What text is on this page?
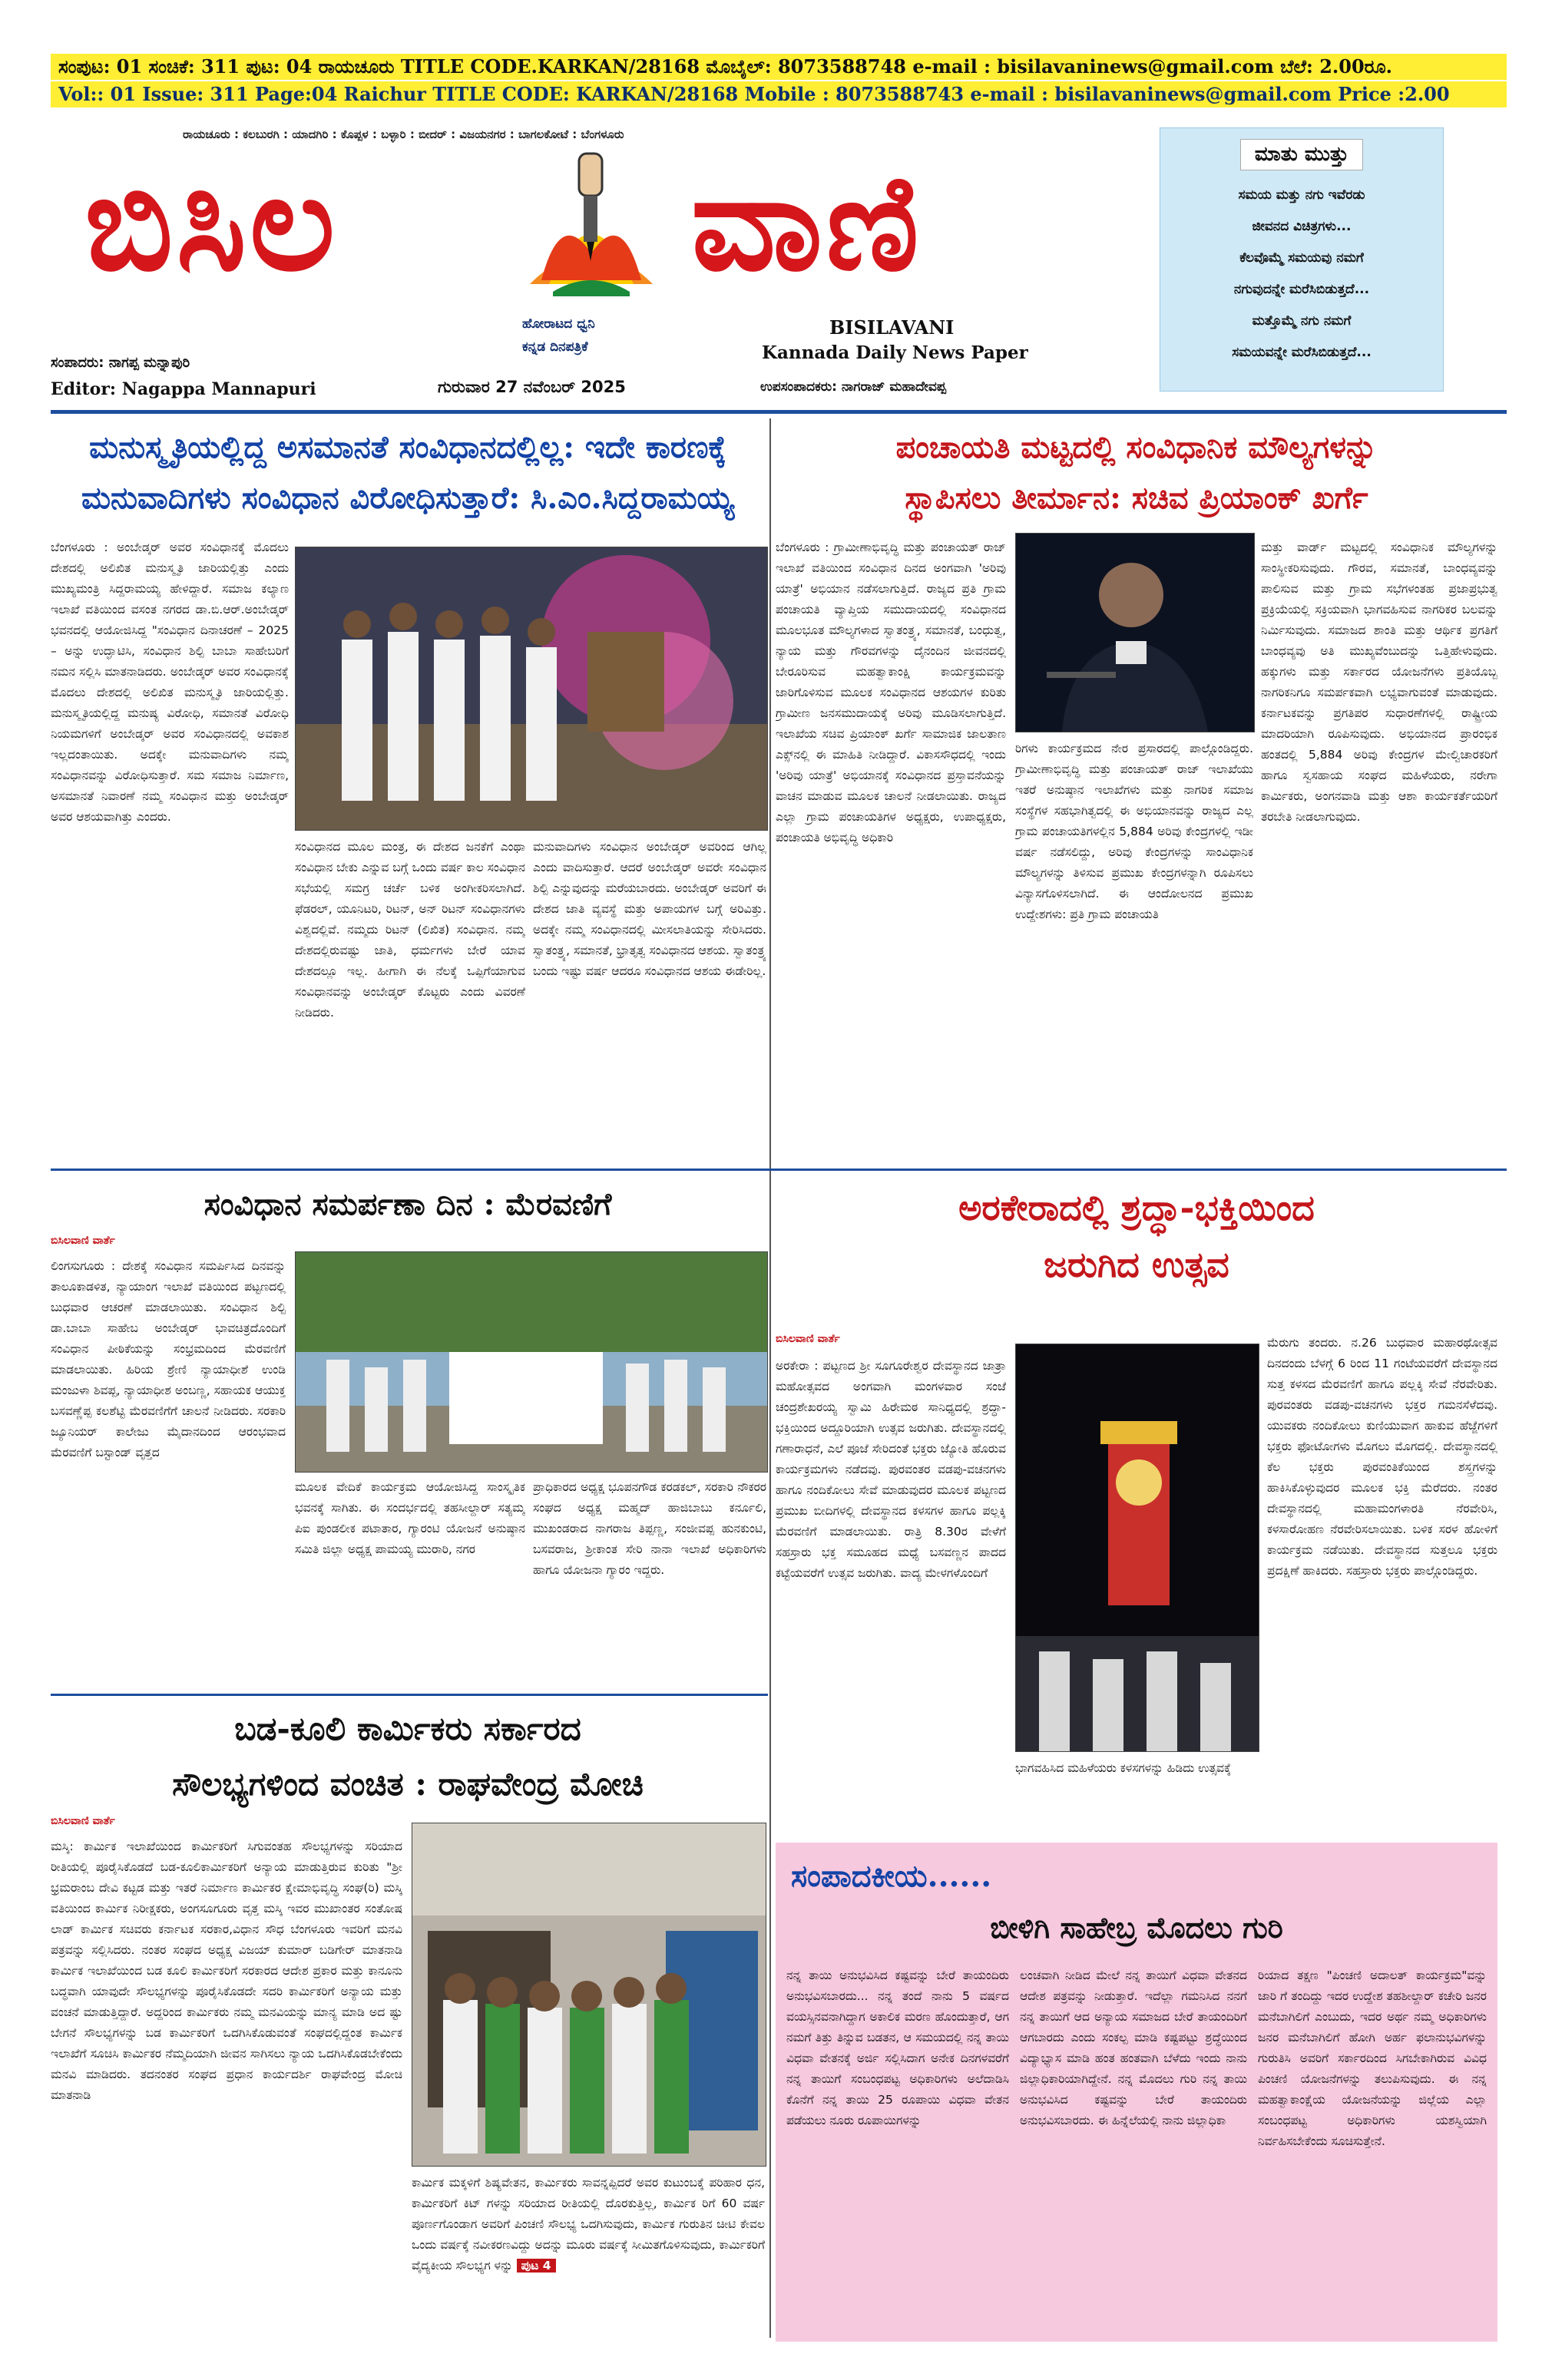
ಸಂಪುಟ: 01 ಸಂಚಿಕೆ: 311 ಪುಟ: 04 ರಾಯಚೂರು TITLE CODE.KARKAN/28168 ಮೊಬೈಲ್: 8073588748 e-mail : bisilavaninews@gmail.com ಬೆಲೆ: 2.00ರೂ.
Vol:: 01 Issue: 311 Page:04 Raichur TITLE CODE: KARKAN/28168 Mobile : 8073588743 e-mail : bisilavaninews@gmail.com Price :2.00
ರಾಯಚೂರು : ಕಲಬುರಗಿ : ಯಾದಗಿರಿ : ಕೊಪ್ಪಳ : ಬಳ್ಳಾರಿ : ಬೀದರ್ : ವಿಜಯನಗರ : ಬಾಗಲಕೋಟೆ : ಬೆಂಗಳೂರು
ಬಿಸಿಲ	ವಾಣಿ
ಹೋರಾಟದ ಧ್ವನಿ
ಕನ್ನಡ ದಿನಪತ್ರಿಕೆ
BISILAVANI
Kannada Daily News Paper
ಸಂಪಾದರು: ನಾಗಪ್ಪ ಮನ್ನಾಪುರಿ
Editor: Nagappa Mannapuri	ಗುರುವಾರ 27 ನವೆಂಬರ್ 2025	ಉಪಸಂಪಾದಕರು: ನಾಗರಾಜ್ ಮಹಾದೇವಪ್ಪ
ಮಾತು ಮುತ್ತು
ಸಮಯ ಮತ್ತು ನಗು ಇವೆರಡು
ಜೀವನದ ವಿಚಿತ್ರಗಳು...
ಕೆಲವೊಮ್ಮೆ ಸಮಯವು ನಮಗೆ
ನಗುವುದನ್ನೇ ಮರೆಸಿಬಿಡುತ್ತದೆ...
ಮತ್ತೊಮ್ಮೆ ನಗು ನಮಗೆ
ಸಮಯವನ್ನೇ ಮರೆಸಿಬಿಡುತ್ತದೆ...
ಮನುಸ್ಮೃತಿಯಲ್ಲಿದ್ದ ಅಸಮಾನತೆ ಸಂವಿಧಾನದಲ್ಲಿಲ್ಲ: ಇದೇ ಕಾರಣಕ್ಕೆ
ಮನುವಾದಿಗಳು ಸಂವಿಧಾನ ವಿರೋಧಿಸುತ್ತಾರೆ: ಸಿ.ಎಂ.ಸಿದ್ದರಾಮಯ್ಯ

ಬೆಂಗಳೂರು : ಅಂಬೇಡ್ಕರ್ ಅವರ ಸಂವಿಧಾನಕ್ಕೆ ಮೊದಲು ದೇಶದಲ್ಲಿ ಅಲಿಖಿತ ಮನುಸ್ಮೃತಿ ಜಾರಿಯಲ್ಲಿತ್ತು ಎಂದು ಮುಖ್ಯಮಂತ್ರಿ ಸಿದ್ದರಾಮಯ್ಯ ಹೇಳಿದ್ದಾರೆ. ಸಮಾಜ ಕಲ್ಯಾಣ ಇಲಾಖೆ ವತಿಯಿಂದ ವಸಂತ ನಗರದ ಡಾ.ಬಿ.ಆರ್.ಅಂಬೇಡ್ಕರ್ ಭವನದಲ್ಲಿ ಆಯೋಜಿಸಿದ್ದ "ಸಂವಿಧಾನ ದಿನಾಚರಣೆ – 2025 – ಅನ್ನು ಉದ್ಘಾಟಿಸಿ, ಸಂವಿಧಾನ ಶಿಲ್ಪಿ ಬಾಬಾ ಸಾಹೇಬರಿಗೆ ನಮನ ಸಲ್ಲಿಸಿ ಮಾತನಾಡಿದರು. ಅಂಬೇಡ್ಕರ್ ಅವರ ಸಂವಿಧಾನಕ್ಕೆ ಮೊದಲು ದೇಶದಲ್ಲಿ ಅಲಿಖಿತ ಮನುಸ್ಮೃತಿ ಜಾರಿಯಲ್ಲಿತ್ತು. ಮನುಸ್ಮೃತಿಯಲ್ಲಿದ್ದ ಮನುಷ್ಯ ವಿರೋಧಿ, ಸಮಾನತೆ ವಿರೋಧಿ ನಿಯಮಗಳಿಗೆ ಅಂಬೇಡ್ಕರ್ ಅವರ ಸಂವಿಧಾನದಲ್ಲಿ ಅವಕಾಶ ಇಲ್ಲದಂತಾಯಿತು. ಅದಕ್ಕೇ ಮನುವಾದಿಗಳು ನಮ್ಮ ಸಂವಿಧಾನವನ್ನು ವಿರೋಧಿಸುತ್ತಾರೆ. ಸಮ ಸಮಾಜ ನಿರ್ಮಾಣ, ಅಸಮಾನತೆ ನಿವಾರಣೆ ನಮ್ಮ ಸಂವಿಧಾನ ಮತ್ತು ಅಂಬೇಡ್ಕರ್ ಅವರ ಆಶಯವಾಗಿತ್ತು ಎಂದರು.

ಸಂವಿಧಾನದ ಮೂಲ ಮಂತ್ರ, ಈ ದೇಶದ ಜನಕೆಗೆ ಎಂಥಾ ಸಂವಿಧಾನ ಬೇಕು ಎನ್ನುವ ಬಗ್ಗೆ ಒಂದು ವರ್ಷ ಕಾಲ ಸಂವಿಧಾನ ಸಭೆಯಲ್ಲಿ ಸಮಗ್ರ ಚರ್ಚೆ ಬಳಿಕ ಅಂಗೀಕರಿಸಲಾಗಿದೆ. ಫೆಡರಲ್, ಯೂನಿಟರಿ, ರಿಟನ್, ಅನ್ ರಿಟನ್ ಸಂವಿಧಾನಗಳು ವಿಶ್ವದಲ್ಲಿವೆ. ನಮ್ಮದು ರಿಟನ್ (ಲಿಖಿತ) ಸಂವಿಧಾನ. ನಮ್ಮ ದೇಶದಲ್ಲಿರುವಷ್ಟು ಜಾತಿ, ಧರ್ಮಗಳು ಬೇರೆ ಯಾವ ದೇಶದಲ್ಲೂ ಇಲ್ಲ. ಹೀಗಾಗಿ ಈ ನೆಲಕ್ಕೆ ಒಪ್ಪಿಗೆಯಾಗುವ ಸಂವಿಧಾನವನ್ನು ಅಂಬೇಡ್ಕರ್ ಕೊಟ್ಟರು ಎಂದು ವಿವರಣೆ ನೀಡಿದರು.

ಮನುವಾದಿಗಳು ಸಂವಿಧಾನ ಅಂಬೇಡ್ಕರ್ ಅವರಿಂದ ಆಗಿಲ್ಲ ಎಂದು ವಾದಿಸುತ್ತಾರೆ. ಆದರೆ ಅಂಬೇಡ್ಕರ್ ಅವರೇ ಸಂವಿಧಾನ ಶಿಲ್ಪಿ ಎನ್ನುವುದನ್ನು ಮರೆಯಬಾರದು. ಅಂಬೇಡ್ಕರ್ ಅವರಿಗೆ ಈ ದೇಶದ ಜಾತಿ ವ್ಯವಸ್ಥೆ ಮತ್ತು ಅಪಾಯಗಳ ಬಗ್ಗೆ ಅರಿವಿತ್ತು. ಅದಕ್ಕೇ ನಮ್ಮ ಸಂವಿಧಾನದಲ್ಲಿ ಮೀಸಲಾತಿಯನ್ನು ಸೇರಿಸಿದರು. ಸ್ವಾತಂತ್ರ್ಯ, ಸಮಾನತೆ, ಭ್ರಾತೃತ್ವ ಸಂವಿಧಾನದ ಆಶಯ. ಸ್ವಾತಂತ್ರ್ಯ ಬಂದು ಇಷ್ಟು ವರ್ಷ ಆದರೂ ಸಂವಿಧಾನದ ಆಶಯ ಈಡೇರಿಲ್ಲ.

ಪಂಚಾಯತಿ ಮಟ್ಟದಲ್ಲಿ ಸಂವಿಧಾನಿಕ ಮೌಲ್ಯಗಳನ್ನು
ಸ್ಥಾಪಿಸಲು ತೀರ್ಮಾನ: ಸಚಿವ ಪ್ರಿಯಾಂಕ್ ಖರ್ಗೆ

ಬೆಂಗಳೂರು : ಗ್ರಾಮೀಣಾಭಿವೃದ್ಧಿ ಮತ್ತು ಪಂಚಾಯತ್ ರಾಜ್ ಇಲಾಖೆ ವತಿಯಿಂದ ಸಂವಿಧಾನ ದಿನದ ಅಂಗವಾಗಿ 'ಅರಿವು ಯಾತ್ರೆ' ಅಭಿಯಾನ ನಡೆಸಲಾಗುತ್ತಿದೆ. ರಾಜ್ಯದ ಪ್ರತಿ ಗ್ರಾಮ ಪಂಚಾಯತಿ ವ್ಯಾಪ್ತಿಯ ಸಮುದಾಯದಲ್ಲಿ ಸಂವಿಧಾನದ ಮೂಲಭೂತ ಮೌಲ್ಯಗಳಾದ ಸ್ವಾತಂತ್ರ್ಯ, ಸಮಾನತೆ, ಬಂಧುತ್ವ, ನ್ಯಾಯ ಮತ್ತು ಗೌರವಗಳನ್ನು ದೈನಂದಿನ ಜೀವನದಲ್ಲಿ ಬೇರೂರಿಸುವ ಮಹತ್ವಾಕಾಂಕ್ಷಿ ಕಾರ್ಯಕ್ರಮವನ್ನು ಜಾರಿಗೊಳಿಸುವ ಮೂಲಕ ಸಂವಿಧಾನದ ಆಶಯಗಳ ಕುರಿತು ಗ್ರಾಮೀಣ ಜನಸಮುದಾಯಕ್ಕೆ ಅರಿವು ಮೂಡಿಸಲಾಗುತ್ತಿದೆ. ಇಲಾಖೆಯ ಸಚಿವ ಪ್ರಿಯಾಂಕ್ ಖರ್ಗೆ ಸಾಮಾಜಿಕ ಜಾಲತಾಣ ಎಕ್ಸ್‌ನಲ್ಲಿ ಈ ಮಾಹಿತಿ ನೀಡಿದ್ದಾರೆ. ವಿಕಾಸಸೌಧದಲ್ಲಿ ಇಂದು 'ಅರಿವು ಯಾತ್ರೆ' ಅಭಿಯಾನಕ್ಕೆ ಸಂವಿಧಾನದ ಪ್ರಸ್ತಾವನೆಯನ್ನು ವಾಚನ ಮಾಡುವ ಮೂಲಕ ಚಾಲನೆ ನೀಡಲಾಯಿತು. ರಾಜ್ಯದ ಎಲ್ಲಾ ಗ್ರಾಮ ಪಂಚಾಯತಿಗಳ ಅಧ್ಯಕ್ಷರು, ಉಪಾಧ್ಯಕ್ಷರು, ಪಂಚಾಯತಿ ಅಭಿವೃದ್ಧಿ ಅಧಿಕಾರಿ

ರಿಗಳು ಕಾರ್ಯಕ್ರಮದ ನೇರ ಪ್ರಸಾರದಲ್ಲಿ ಪಾಲ್ಗೊಂಡಿದ್ದರು. ಗ್ರಾಮೀಣಾಭಿವೃದ್ಧಿ ಮತ್ತು ಪಂಚಾಯತ್ ರಾಜ್ ಇಲಾಖೆಯು ಇತರೆ ಅನುಷ್ಠಾನ ಇಲಾಖೆಗಳು ಮತ್ತು ನಾಗರಿಕ ಸಮಾಜ ಸಂಸ್ಥೆಗಳ ಸಹಭಾಗಿತ್ವದಲ್ಲಿ ಈ ಅಭಿಯಾನವನ್ನು ರಾಜ್ಯದ ಎಲ್ಲ ಗ್ರಾಮ ಪಂಚಾಯತಿಗಳಲ್ಲಿನ 5,884 ಅರಿವು ಕೇಂದ್ರಗಳಲ್ಲಿ ಇಡೀ ವರ್ಷ ನಡೆಸಲಿದ್ದು, ಅರಿವು ಕೇಂದ್ರಗಳನ್ನು ಸಾಂವಿಧಾನಿಕ ಮೌಲ್ಯಗಳನ್ನು ತಿಳಿಸುವ ಪ್ರಮುಖ ಕೇಂದ್ರಗಳನ್ನಾಗಿ ರೂಪಿಸಲು ವಿನ್ಯಾಸಗೊಳಿಸಲಾಗಿದೆ. ಈ ಆಂದೋಲನದ ಪ್ರಮುಖ ಉದ್ದೇಶಗಳು: ಪ್ರತಿ ಗ್ರಾಮ ಪಂಚಾಯತಿ

ಮತ್ತು ವಾರ್ಡ್ ಮಟ್ಟದಲ್ಲಿ ಸಂವಿಧಾನಿಕ ಮೌಲ್ಯಗಳನ್ನು ಸಾಂಸ್ಥೀಕರಿಸುವುದು. ಗೌರವ, ಸಮಾನತೆ, ಬಾಂಧವ್ಯವನ್ನು ಪಾಲಿಸುವ ಮತ್ತು ಗ್ರಾಮ ಸಭೆಗಳಂತಹ ಪ್ರಜಾಪ್ರಭುತ್ವ ಪ್ರಕ್ರಿಯೆಯಲ್ಲಿ ಸಕ್ರಿಯವಾಗಿ ಭಾಗವಹಿಸುವ ನಾಗರಿಕರ ಬಲವನ್ನು ನಿರ್ಮಿಸುವುದು. ಸಮಾಜದ ಶಾಂತಿ ಮತ್ತು ಆರ್ಥಿಕ ಪ್ರಗತಿಗೆ ಬಾಂಧವ್ಯವು ಅತಿ ಮುಖ್ಯವೆಂಬುದನ್ನು ಒತ್ತಿಹೇಳುವುದು. ಹಕ್ಕುಗಳು ಮತ್ತು ಸರ್ಕಾರದ ಯೋಜನೆಗಳು ಪ್ರತಿಯೊಬ್ಬ ನಾಗರಿಕನಿಗೂ ಸಮರ್ಪಕವಾಗಿ ಲಭ್ಯವಾಗುವಂತೆ ಮಾಡುವುದು. ಕರ್ನಾಟಕವನ್ನು ಪ್ರಗತಿಪರ ಸುಧಾರಣೆಗಳಲ್ಲಿ ರಾಷ್ಟ್ರೀಯ ಮಾದರಿಯಾಗಿ ರೂಪಿಸುವುದು. ಅಭಿಯಾನದ ಪ್ರಾರಂಭಿಕ ಹಂತದಲ್ಲಿ 5,884 ಅರಿವು ಕೇಂದ್ರಗಳ ಮೇಲ್ವಿಚಾರಕರಿಗೆ ಹಾಗೂ ಸ್ವಸಹಾಯ ಸಂಘದ ಮಹಿಳೆಯರು, ನರೇಗಾ ಕಾರ್ಮಿಕರು, ಅಂಗನವಾಡಿ ಮತ್ತು ಆಶಾ ಕಾರ್ಯಕರ್ತೆಯರಿಗೆ ತರಬೇತಿ ನೀಡಲಾಗುವುದು.

ಸಂವಿಧಾನ ಸಮರ್ಪಣಾ ದಿನ : ಮೆರವಣಿಗೆ
ಬಿಸಿಲವಾಣಿ ವಾರ್ತೆ

ಲಿಂಗಸುಗೂರು : ದೇಶಕ್ಕೆ ಸಂವಿಧಾನ ಸಮರ್ಪಿಸಿದ ದಿನವನ್ನು ತಾಲೂಕಾಡಳಿತ, ನ್ಯಾಯಾಂಗ ಇಲಾಖೆ ವತಿಯಿಂದ ಪಟ್ಟಣದಲ್ಲಿ ಬುಧವಾರ ಆಚರಣೆ ಮಾಡಲಾಯಿತು. ಸಂವಿಧಾನ ಶಿಲ್ಪಿ ಡಾ.ಬಾಬಾ ಸಾಹೇಬ ಅಂಬೇಡ್ಕರ್ ಭಾವಚಿತ್ರದೊಂದಿಗೆ ಸಂವಿಧಾನ ಪೀಠಿಕೆಯನ್ನು ಸಂಭ್ರಮದಿಂದ ಮೆರವಣಿಗೆ ಮಾಡಲಾಯಿತು. ಹಿರಿಯ ಶ್ರೇಣಿ ನ್ಯಾಯಾಧೀಶೆ ಉಂಡಿ ಮಂಜುಳಾ ಶಿವಪ್ಪ, ನ್ಯಾಯಾಧೀಶ ಅಂಬಣ್ಣ, ಸಹಾಯಕ ಆಯುಕ್ತ ಬಸವಣ್ಣೆಪ್ಪ ಕಲಶೆಟ್ಟಿ ಮೆರವಣಿಗೆಗೆ ಚಾಲನೆ ನೀಡಿದರು. ಸರಕಾರಿ ಜ್ಯೂನಿಯರ್ ಕಾಲೇಜು ಮೈದಾನದಿಂದ ಆರಂಭವಾದ ಮೆರವಣಿಗೆ ಬಸ್ಟಾಂಡ್ ವೃತ್ತದ

ಮೂಲಕ ವೇದಿಕೆ ಕಾರ್ಯಕ್ರಮ ಆಯೋಜಿಸಿದ್ದ ಸಾಂಸ್ಕೃತಿಕ ಭವನಕ್ಕೆ ಸಾಗಿತು. ಈ ಸಂದರ್ಭದಲ್ಲಿ ತಹಸೀಲ್ದಾರ್ ಸತ್ಯಮ್ಮ ಪಿಐ ಪುಂಡಲೀಕ ಪಟಾತಾರ, ಗ್ಯಾರಂಟಿ ಯೋಜನೆ ಅನುಷ್ಠಾನ ಸಮಿತಿ ಜಿಲ್ಲಾ ಅಧ್ಯಕ್ಷ ಪಾಮಯ್ಯ ಮುರಾರಿ, ನಗರ

ಪ್ರಾಧಿಕಾರದ ಅಧ್ಯಕ್ಷ ಭೂಪನಗೌಡ ಕರಡಕಲ್, ಸರಕಾರಿ ನೌಕರರ ಸಂಘದ ಅಧ್ಯಕ್ಷ ಮಹ್ಮದ್ ಹಾಜಿಬಾಬು ಕರ್ನೂಲಿ, ಮುಖಂಡರಾದ ನಾಗರಾಜ ತಿಪ್ಪಣ್ಣ, ಸಂಜೀವಪ್ಪ ಹುನಕುಂಟಿ, ಬಸವರಾಜ, ಶ್ರೀಕಾಂತ ಸೇರಿ ನಾನಾ ಇಲಾಖೆ ಅಧಿಕಾರಿಗಳು ಹಾಗೂ ಯೋಜನಾ ಗ್ಯಾರಂ ಇದ್ದರು.

ಅರಕೇರಾದಲ್ಲಿ ಶ್ರದ್ಧಾ-ಭಕ್ತಿಯಿಂದ
ಜರುಗಿದ ಉತ್ಸವ
ಬಿಸಿಲವಾಣಿ ವಾರ್ತೆ

ಅರಕೇರಾ : ಪಟ್ಟಣದ ಶ್ರೀ ಸೂಗೂರೇಶ್ವರ ದೇವಸ್ಥಾನದ ಜಾತ್ರಾ ಮಹೋತ್ಸವದ ಅಂಗವಾಗಿ ಮಂಗಳವಾರ ಸಂಜೆ ಚಂದ್ರಶೇಖರಯ್ಯ ಸ್ವಾಮಿ ಹಿರೇಮಠ ಸಾನಿಧ್ಯದಲ್ಲಿ ಶ್ರದ್ಧಾ-ಭಕ್ತಿಯಿಂದ ಅದ್ದೂರಿಯಾಗಿ ಉತ್ಸವ ಜರುಗಿತು. ದೇವಸ್ಥಾನದಲ್ಲಿ ಗಣಾರಾಧನೆ, ಎಲೆ ಪೂಜೆ ಸೇರಿದಂತೆ ಭಕ್ತರು ಜ್ಯೋತಿ ಹೊರುವ ಕಾರ್ಯಕ್ರಮಗಳು ನಡೆದವು. ಪುರವಂತರ ವಡಪು-ವಚನಗಳು ಹಾಗೂ ನಂದಿಕೋಲು ಸೇವೆ ಮಾಡುವುದರ ಮೂಲಕ ಪಟ್ಟಣದ ಪ್ರಮುಖ ಬೀದಿಗಳಲ್ಲಿ ದೇವಸ್ಥಾನದ ಕಳಸಗಳ ಹಾಗೂ ಪಲ್ಲಕ್ಕಿ ಮೆರವಣಿಗೆ ಮಾಡಲಾಯಿತು. ರಾತ್ರಿ 8.30ರ ವೇಳೆಗೆ ಸಹಸ್ರಾರು ಭಕ್ತ ಸಮೂಹದ ಮಧ್ಯೆ ಬಸವಣ್ಣನ ಪಾದದ ಕಟ್ಟೆಯವರೆಗೆ ಉತ್ಸವ ಜರುಗಿತು. ವಾದ್ಯ ಮೇಳಗಳೊಂದಿಗೆ

ಭಾಗವಹಿಸಿದ ಮಹಿಳೆಯರು ಕಳಸಗಳನ್ನು ಹಿಡಿದು ಉತ್ಸವಕ್ಕೆ

ಮೆರುಗು ತಂದರು. ನ.26 ಬುಧವಾರ ಮಹಾರಥೋತ್ಸವ ದಿನದಂದು ಬೆಳಗ್ಗೆ 6 ರಿಂದ 11 ಗಂಟೆಯವರೆಗೆ ದೇವಸ್ಥಾನದ ಸುತ್ತ ಕಳಸದ ಮೆರವಣಿಗೆ ಹಾಗೂ ಪಲ್ಲಕ್ಕಿ ಸೇವೆ ನೆರವೇರಿತು. ಪುರವಂತರು ವಡಪು-ವಚನಗಳು ಭಕ್ತರ ಗಮನಸೆಳೆದವು. ಯುವಕರು ನಂದಿಕೋಲು ಕುಣಿಯುವಾಗ ಹಾಕುವ ಹೆಜ್ಜೆಗಳಿಗೆ ಭಕ್ತರು ಫೋಟೋಗಳು ಮೊಗಲು ಮೊಗದಲ್ಲಿ. ದೇವಸ್ಥಾನದಲ್ಲಿ ಕೆಲ ಭಕ್ತರು ಪುರವಂತಿಕೆಯಿಂದ ಶಸ್ತ್ರಗಳನ್ನು ಹಾಕಿಸಿಕೊಳ್ಳುವುದರ ಮೂಲಕ ಭಕ್ತಿ ಮೆರೆದರು. ನಂತರ ದೇವಸ್ಥಾನದಲ್ಲಿ ಮಹಾಮಂಗಳಾರತಿ ನೆರವೇರಿಸಿ, ಕಳಸಾರೋಹಣ ನೆರವೇರಿಸಲಾಯಿತು. ಬಳಿಕ ಸರಳ ಹೋಳಿಗೆ ಕಾರ್ಯಕ್ರಮ ನಡೆಯಿತು. ದೇವಸ್ಥಾನದ ಸುತ್ತಲೂ ಭಕ್ತರು ಪ್ರದಕ್ಷಿಣೆ ಹಾಕಿದರು. ಸಹಸ್ರಾರು ಭಕ್ತರು ಪಾಲ್ಗೊಂಡಿದ್ದರು.

ಬಡ-ಕೂಲಿ ಕಾರ್ಮಿಕರು ಸರ್ಕಾರದ
ಸೌಲಭ್ಯಗಳಿಂದ ವಂಚಿತ : ರಾಘವೇಂದ್ರ ಮೋಚಿ
ಬಿಸಿಲವಾಣಿ ವಾರ್ತೆ

ಮಸ್ಕಿ: ಕಾರ್ಮಿಕ ಇಲಾಖೆಯಿಂದ ಕಾರ್ಮಿಕರಿಗೆ ಸಿಗುವಂತಹ ಸೌಲಭ್ಯಗಳನ್ನು ಸರಿಯಾದ ರೀತಿಯಲ್ಲಿ ಪೂರೈಸಿಕೊಡದೆ ಬಡ-ಕೂಲಿಕಾರ್ಮಿಕರಿಗೆ ಅನ್ಯಾಯ ಮಾಡುತ್ತಿರುವ ಕುರಿತು "ಶ್ರೀ ಭ್ರಮರಾಂಬ ದೇವಿ ಕಟ್ಟಡ ಮತ್ತು ಇತರೆ ನಿರ್ಮಾಣ ಕಾರ್ಮಿಕರ ಕ್ಷೇಮಾಭಿವೃದ್ಧಿ ಸಂಘ(ರಿ) ಮಸ್ಕಿ ವತಿಯಿಂದ ಕಾರ್ಮಿಕ ನಿರೀಕ್ಷಕರು, ಅಂಗಸೂಗೂರು ವೃತ್ತ ಮಸ್ಕಿ ಇವರ ಮುಖಾಂತರ ಸಂತೋಷ ಲಾಡ್ ಕಾರ್ಮಿಕ ಸಚಿವರು ಕರ್ನಾಟಕ ಸರಕಾರ,ವಿಧಾನ ಸೌಧ ಬೆಂಗಳೂರು ಇವರಿಗೆ ಮನವಿ ಪತ್ರವನ್ನು ಸಲ್ಲಿಸಿದರು. ನಂತರ ಸಂಘದ ಅಧ್ಯಕ್ಷ ವಿಜಯ್ ಕುಮಾರ್ ಬಡಿಗೇರ್ ಮಾತನಾಡಿ ಕಾರ್ಮಿಕ ಇಲಾಖೆಯಿಂದ ಬಡ ಕೂಲಿ ಕಾರ್ಮಿಕರಿಗೆ ಸರಕಾರದ ಆದೇಶ ಪ್ರಕಾರ ಮತ್ತು ಕಾನೂನು ಬದ್ಧವಾಗಿ ಯಾವುದೇ ಸೌಲಭ್ಯಗಳನ್ನು ಪೂರೈಸಿಕೊಡದೇ ಸದರಿ ಕಾರ್ಮಿಕರಿಗೆ ಅನ್ಯಾಯ ಮತ್ತು ವಂಚನೆ ಮಾಡುತ್ತಿದ್ದಾರೆ. ಅದ್ದರಿಂದ ಕಾರ್ಮಿಕರು ನಮ್ಮ ಮನವಿಯನ್ನು ಮಾನ್ಯ ಮಾಡಿ ಅದ ಷ್ಟು ಬೇಗನೆ ಸೌಲಭ್ಯಗಳನ್ನು ಬಡ ಕಾರ್ಮಿಕರಿಗೆ ಒದಗಿಸಿಕೊಡುವಂತೆ ಸಂಘದಲ್ಲಿದ್ದಂತ ಕಾರ್ಮಿಕ ಇಲಾಖೆಗೆ ಸೂಚಿಸಿ ಕಾರ್ಮಿಕರ ನೆಮ್ಮದಿಯಾಗಿ ಜೀವನ ಸಾಗಿಸಲು ನ್ಯಾಯ ಒದಗಿಸಿಕೊಡಬೇಕೆಂದು ಮನವಿ ಮಾಡಿದರು. ತದನಂತರ ಸಂಘದ ಪ್ರಧಾನ ಕಾರ್ಯದರ್ಶಿ ರಾಘವೇಂದ್ರ ಮೋಚಿ ಮಾತನಾಡಿ

ಕಾರ್ಮಿಕ ಮಕ್ಕಳಿಗೆ ಶಿಷ್ಯವೇತನ, ಕಾರ್ಮಿಕರು ಸಾವನ್ನಪ್ಪಿದರೆ ಅವರ ಕುಟುಂಬಕ್ಕೆ ಪರಿಹಾರ ಧನ, ಕಾರ್ಮಿಕರಿಗೆ ಕಿಟ್ ಗಳನ್ನು ಸರಿಯಾದ ರೀತಿಯಲ್ಲಿ ದೊರಕುತ್ತಿಲ್ಲ, ಕಾರ್ಮಿಕ ರಿಗೆ 60 ವರ್ಷ ಪೂರ್ಣಗೊಂಡಾಗ ಅವರಿಗೆ ಪಿಂಚಣಿ ಸೌಲಭ್ಯ ಒದಗಿಸುವುದು, ಕಾರ್ಮಿಕ ಗುರುತಿನ ಚೀಟಿ ಕೇವಲ ಒಂದು ವರ್ಷಕ್ಕೆ ನವೀಕರಣವಿದ್ದು ಅದನ್ನು ಮೂರು ವರ್ಷಕ್ಕೆ ಸೀಮಿತಗೊಳಿಸುವುದು, ಕಾರ್ಮಿಕರಿಗೆ ವೈದ್ಯಕೀಯ ಸೌಲಭ್ಯಗ ಳನ್ನು ಪುಟ 4

ಸಂಪಾದಕೀಯ......
ಬೀಳಿಗಿ ಸಾಹೇಬ್ರ ಮೊದಲು ಗುರಿ

ನನ್ನ ತಾಯಿ ಅನುಭವಿಸಿದ ಕಷ್ಟವನ್ನು ಬೇರೆ ತಾಯಂದಿರು ಅನುಭವಿಸಬಾರದು... ನನ್ನ ತಂದೆ ನಾನು 5 ವರ್ಷದ ವಯಸ್ಸಿನವನಾಗಿದ್ದಾಗ ಅಕಾಲಿಕ ಮರಣ ಹೊಂದುತ್ತಾರೆ, ಆಗ ನಮಗೆ ತಿತ್ತು ತಿನ್ನುವ ಬಡತನ, ಆ ಸಮಯದಲ್ಲಿ ನನ್ನ ತಾಯಿ ವಿಧವಾ ವೇತನಕ್ಕೆ ಅರ್ಜಿ ಸಲ್ಲಿಸಿದಾಗ ಅನೇಕ ದಿನಗಳವರೆಗೆ ನನ್ನ ತಾಯಿಗೆ ಸಂಬಂಧಪಟ್ಟ ಅಧಿಕಾರಿಗಳು ಅಲೆದಾಡಿಸಿ ಕೊನೆಗೆ ನನ್ನ ತಾಯಿ 25 ರೂಪಾಯಿ ವಿಧವಾ ವೇತನ ಪಡೆಯಲು ನೂರು ರೂಪಾಯಿಗಳನ್ನು

ಲಂಚವಾಗಿ ನೀಡಿದ ಮೇಲೆ ನನ್ನ ತಾಯಿಗೆ ವಿಧವಾ ವೇತನದ ಆದೇಶ ಪತ್ರವನ್ನು ನೀಡುತ್ತಾರೆ. ಇದೆಲ್ಲಾ ಗಮನಿಸಿದ ನನಗೆ ನನ್ನ ತಾಯಿಗೆ ಆದ ಅನ್ಯಾಯ ಸಮಾಜದ ಬೇರೆ ತಾಯಂದಿರಿಗೆ ಆಗಬಾರದು ಎಂದು ಸಂಕಲ್ಪ ಮಾಡಿ ಕಷ್ಟಪಟ್ಟು ಶ್ರದ್ಧೆಯಿಂದ ವಿದ್ಯಾಭ್ಯಾಸ ಮಾಡಿ ಹಂತ ಹಂತವಾಗಿ ಬೆಳೆದು ಇಂದು ನಾನು ಜಿಲ್ಲಾಧಿಕಾರಿಯಾಗಿದ್ದೇನೆ. ನನ್ನ ಮೊದಲು ಗುರಿ ನನ್ನ ತಾಯಿ ಅನುಭವಿಸಿದ ಕಷ್ಟವನ್ನು ಬೇರೆ ತಾಯಂದಿರು ಅನುಭವಿಸಬಾರದು. ಈ ಹಿನ್ನೆಲೆಯಲ್ಲಿ ನಾನು ಜಿಲ್ಲಾಧಿಕಾ

ರಿಯಾದ ತಕ್ಷಣ "ಪಿಂಚಣಿ ಅದಾಲತ್ ಕಾರ್ಯಕ್ರಮ"ವನ್ನು ಜಾರಿ ಗೆ ತಂದಿದ್ದು ಇದರ ಉದ್ದೇಶ ತಹಶೀಲ್ದಾರ್ ಕಚೇರಿ ಜನರ ಮನೆಬಾಗಿಲಿಗೆ ಎಂಬುದು, ಇದರ ಅರ್ಥ ನಮ್ಮ ಅಧಿಕಾರಿಗಳು ಜನರ ಮನೆಬಾಗಿಲಿಗೆ ಹೋಗಿ ಅರ್ಹ ಫಲಾನುಭವಿಗಳನ್ನು ಗುರುತಿಸಿ ಅವರಿಗೆ ಸರ್ಕಾರದಿಂದ ಸಿಗಬೇಕಾಗಿರುವ ವಿವಿಧ ಪಿಂಚಣಿ ಯೋಜನೆಗಳನ್ನು ತಲುಪಿಸುವುದು. ಈ ನನ್ನ ಮಹತ್ವಾಕಾಂಕ್ಷೆಯ ಯೋಜನೆಯನ್ನು ಜಿಲ್ಲೆಯ ಎಲ್ಲಾ ಸಂಬಂಧಪಟ್ಟ ಅಧಿಕಾರಿಗಳು ಯಶಸ್ವಿಯಾಗಿ ನಿರ್ವಹಿಸಬೇಕೆಂದು ಸೂಚಿಸುತ್ತೇನೆ.
